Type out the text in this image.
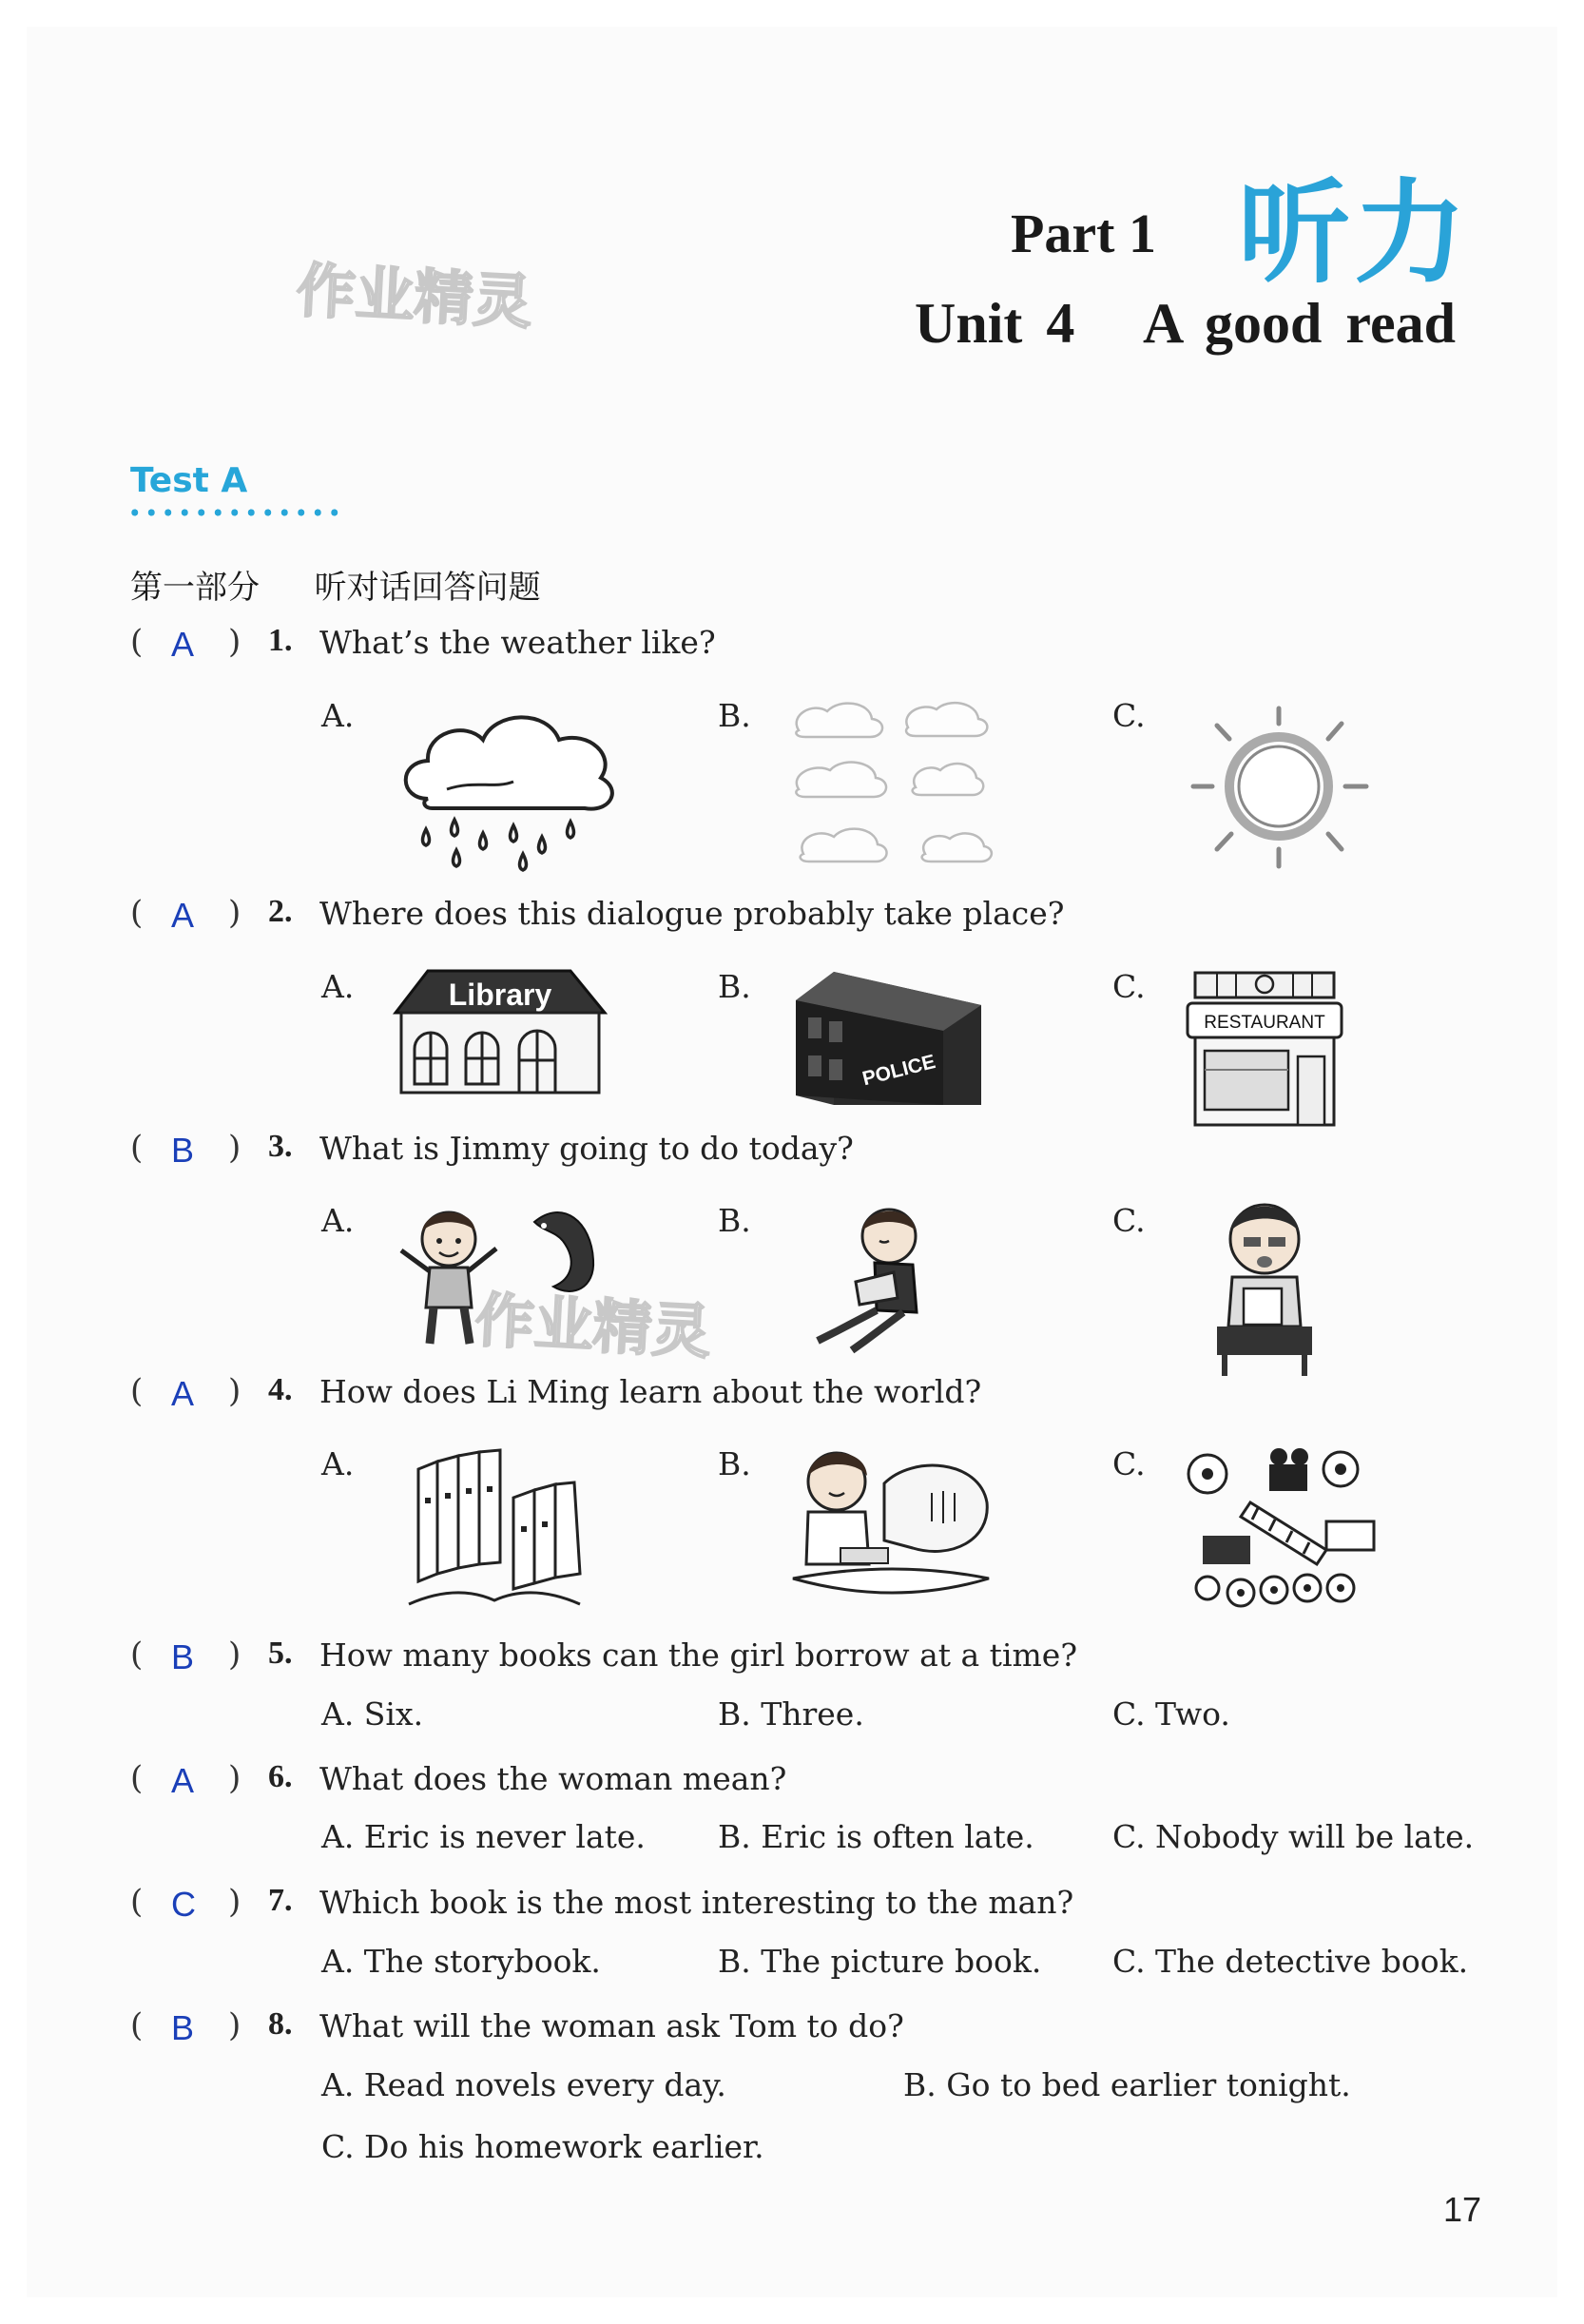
Part 1 听力
Unit 4   A good read
作业精灵
Test A
第一部分  听对话回答问题
( A ) 1. What’s the weather like?
A.	B.	C.
( A ) 2. Where does this dialogue probably take place?
A.	B.	C.
( B ) 3. What is Jimmy going to do today?
A.	B.	C.
( A ) 4. How does Li Ming learn about the world?
A.	B.	C.
( B ) 5. How many books can the girl borrow at a time?
A. Six.	B. Three.	C. Two.
( A ) 6. What does the woman mean?
A. Eric is never late. B. Eric is often late. C. Nobody will be late.
( C ) 7. Which book is the most interesting to the man?
A. The storybook.	B. The picture book. C. The detective book.
( B ) 8. What will the woman ask Tom to do?
A. Read novels every day.	B. Go to bed earlier tonight.
C. Do his homework earlier.
Library
POLICE
RESTAURANT
作业精灵
17
